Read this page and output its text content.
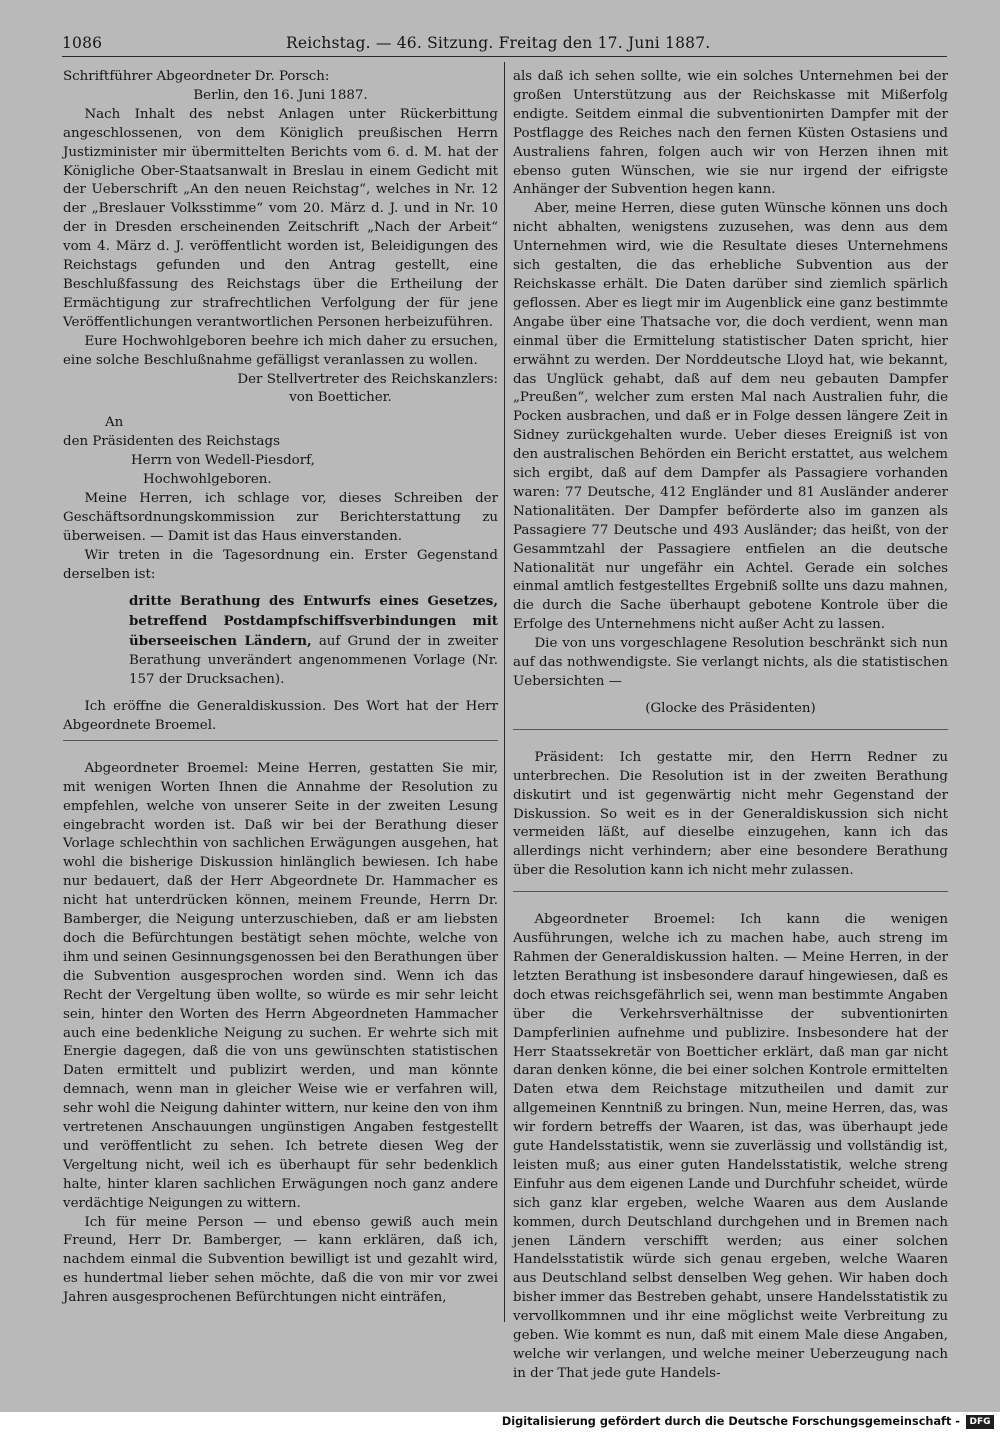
1086	Reichstag. — 46. Sitzung. Freitag den 17. Juni 1887.

Schriftführer Abgeordneter Dr. Porsch:

Berlin, den 16. Juni 1887.

Nach Inhalt des nebst Anlagen unter Rückerbittung angeschlossenen, von dem Königlich preußischen Herrn Justizminister mir übermittelten Berichts vom 6. d. M. hat der Königliche Ober-Staatsanwalt in Breslau in einem Gedicht mit der Ueberschrift „An den neuen Reichstag“, welches in Nr. 12 der „Breslauer Volksstimme“ vom 20. März d. J. und in Nr. 10 der in Dresden erscheinenden Zeitschrift „Nach der Arbeit“ vom 4. März d. J. veröffentlicht worden ist, Beleidigungen des Reichstags gefunden und den Antrag gestellt, eine Beschlußfassung des Reichstags über die Ertheilung der Ermächtigung zur strafrechtlichen Verfolgung der für jene Veröffentlichungen verantwortlichen Personen herbeizuführen.

Eure Hochwohlgeboren beehre ich mich daher zu ersuchen, eine solche Beschlußnahme gefälligst veranlassen zu wollen.

Der Stellvertreter des Reichskanzlers:

von Boetticher.

An

den Präsidenten des Reichstags

Herrn von Wedell-Piesdorf,

Hochwohlgeboren.

Meine Herren, ich schlage vor, dieses Schreiben der Geschäftsordnungskommission zur Berichterstattung zu überweisen. — Damit ist das Haus einverstanden.

Wir treten in die Tagesordnung ein. Erster Gegenstand derselben ist:

dritte Berathung des Entwurfs eines Gesetzes, betreffend Postdampfschiffsverbindungen mit überseeischen Ländern, auf Grund der in zweiter Berathung unverändert angenommenen Vorlage (Nr. 157 der Drucksachen).

Ich eröffne die Generaldiskussion. Des Wort hat der Herr Abgeordnete Broemel.

Abgeordneter Broemel: Meine Herren, gestatten Sie mir, mit wenigen Worten Ihnen die Annahme der Resolution zu empfehlen, welche von unserer Seite in der zweiten Lesung eingebracht worden ist. Daß wir bei der Berathung dieser Vorlage schlechthin von sachlichen Erwägungen ausgehen, hat wohl die bisherige Diskussion hinlänglich bewiesen. Ich habe nur bedauert, daß der Herr Abgeordnete Dr. Hammacher es nicht hat unterdrücken können, meinem Freunde, Herrn Dr. Bamberger, die Neigung unterzuschieben, daß er am liebsten doch die Befürchtungen bestätigt sehen möchte, welche von ihm und seinen Gesinnungsgenossen bei den Berathungen über die Subvention ausgesprochen worden sind. Wenn ich das Recht der Vergeltung üben wollte, so würde es mir sehr leicht sein, hinter den Worten des Herrn Abgeordneten Hammacher auch eine bedenkliche Neigung zu suchen. Er wehrte sich mit Energie dagegen, daß die von uns gewünschten statistischen Daten ermittelt und publizirt werden, und man könnte demnach, wenn man in gleicher Weise wie er verfahren will, sehr wohl die Neigung dahinter wittern, nur keine den von ihm vertretenen Anschauungen ungünstigen Angaben festgestellt und veröffentlicht zu sehen. Ich betrete diesen Weg der Vergeltung nicht, weil ich es überhaupt für sehr bedenklich halte, hinter klaren sachlichen Erwägungen noch ganz andere verdächtige Neigungen zu wittern.

Ich für meine Person — und ebenso gewiß auch mein Freund, Herr Dr. Bamberger, — kann erklären, daß ich, nachdem einmal die Subvention bewilligt ist und gezahlt wird, es hundertmal lieber sehen möchte, daß die von mir vor zwei Jahren ausgesprochenen Befürchtungen nicht einträfen,

als daß ich sehen sollte, wie ein solches Unternehmen bei der großen Unterstützung aus der Reichskasse mit Mißerfolg endigte. Seitdem einmal die subventionirten Dampfer mit der Postflagge des Reiches nach den fernen Küsten Ostasiens und Australiens fahren, folgen auch wir von Herzen ihnen mit ebenso guten Wünschen, wie sie nur irgend der eifrigste Anhänger der Subvention hegen kann.

Aber, meine Herren, diese guten Wünsche können uns doch nicht abhalten, wenigstens zuzusehen, was denn aus dem Unternehmen wird, wie die Resultate dieses Unternehmens sich gestalten, die das erhebliche Subvention aus der Reichskasse erhält. Die Daten darüber sind ziemlich spärlich geflossen. Aber es liegt mir im Augenblick eine ganz bestimmte Angabe über eine Thatsache vor, die doch verdient, wenn man einmal über die Ermittelung statistischer Daten spricht, hier erwähnt zu werden. Der Norddeutsche Lloyd hat, wie bekannt, das Unglück gehabt, daß auf dem neu gebauten Dampfer „Preußen“, welcher zum ersten Mal nach Australien fuhr, die Pocken ausbrachen, und daß er in Folge dessen längere Zeit in Sidney zurückgehalten wurde. Ueber dieses Ereigniß ist von den australischen Behörden ein Bericht erstattet, aus welchem sich ergibt, daß auf dem Dampfer als Passagiere vorhanden waren: 77 Deutsche, 412 Engländer und 81 Ausländer anderer Nationalitäten. Der Dampfer beförderte also im ganzen als Passagiere 77 Deutsche und 493 Ausländer; das heißt, von der Gesammtzahl der Passagiere entfielen an die deutsche Nationalität nur ungefähr ein Achtel. Gerade ein solches einmal amtlich festgestelltes Ergebniß sollte uns dazu mahnen, die durch die Sache überhaupt gebotene Kontrole über die Erfolge des Unternehmens nicht außer Acht zu lassen.

Die von uns vorgeschlagene Resolution beschränkt sich nun auf das nothwendigste. Sie verlangt nichts, als die statistischen Uebersichten —

(Glocke des Präsidenten)

Präsident: Ich gestatte mir, den Herrn Redner zu unterbrechen. Die Resolution ist in der zweiten Berathung diskutirt und ist gegenwärtig nicht mehr Gegenstand der Diskussion. So weit es in der Generaldiskussion sich nicht vermeiden läßt, auf dieselbe einzugehen, kann ich das allerdings nicht verhindern; aber eine besondere Berathung über die Resolution kann ich nicht mehr zulassen.

Abgeordneter Broemel: Ich kann die wenigen Ausführungen, welche ich zu machen habe, auch streng im Rahmen der Generaldiskussion halten. — Meine Herren, in der letzten Berathung ist insbesondere darauf hingewiesen, daß es doch etwas reichsgefährlich sei, wenn man bestimmte Angaben über die Verkehrsverhältnisse der subventionirten Dampferlinien aufnehme und publizire. Insbesondere hat der Herr Staatssekretär von Boetticher erklärt, daß man gar nicht daran denken könne, die bei einer solchen Kontrole ermittelten Daten etwa dem Reichstage mitzutheilen und damit zur allgemeinen Kenntniß zu bringen. Nun, meine Herren, das, was wir fordern betreffs der Waaren, ist das, was überhaupt jede gute Handelsstatistik, wenn sie zuverlässig und vollständig ist, leisten muß; aus einer guten Handelsstatistik, welche streng Einfuhr aus dem eigenen Lande und Durchfuhr scheidet, würde sich ganz klar ergeben, welche Waaren aus dem Auslande kommen, durch Deutschland durchgehen und in Bremen nach jenen Ländern verschifft werden; aus einer solchen Handelsstatistik würde sich genau ergeben, welche Waaren aus Deutschland selbst denselben Weg gehen. Wir haben doch bisher immer das Bestreben gehabt, unsere Handelsstatistik zu vervollkommnen und ihr eine möglichst weite Verbreitung zu geben. Wie kommt es nun, daß mit einem Male diese Angaben, welche wir verlangen, und welche meiner Ueberzeugung nach in der That jede gute Handels-

Digitalisierung gefördert durch die Deutsche Forschungsgemeinschaft -	DFG
